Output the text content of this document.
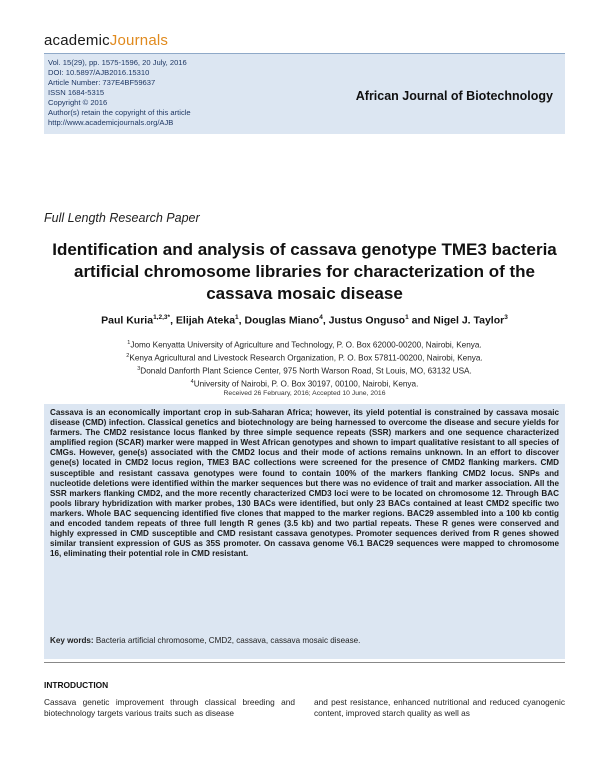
academicJournals
Vol. 15(29), pp. 1575-1596, 20 July, 2016
DOI: 10.5897/AJB2016.15310
Article Number: 737E4BF59637
ISSN 1684-5315
Copyright © 2016
Author(s) retain the copyright of this article
http://www.academicjournals.org/AJB
African Journal of Biotechnology
Full Length Research Paper
Identification and analysis of cassava genotype TME3 bacteria artificial chromosome libraries for characterization of the cassava mosaic disease
Paul Kuria$^{1,2,3*}$, Elijah Ateka$^1$, Douglas Miano$^4$, Justus Onguso$^1$ and Nigel J. Taylor$^3$
$^1$Jomo Kenyatta University of Agriculture and Technology, P. O. Box 62000-00200, Nairobi, Kenya.
$^2$Kenya Agricultural and Livestock Research Organization, P. O. Box 57811-00200, Nairobi, Kenya.
$^3$Donald Danforth Plant Science Center, 975 North Warson Road, St Louis, MO, 63132 USA.
$^4$University of Nairobi, P. O. Box 30197, 00100, Nairobi, Kenya.
Received 26 February, 2016; Accepted 10 June, 2016

Cassava is an economically important crop in sub-Saharan Africa; however, its yield potential is constrained by cassava mosaic disease (CMD) infection. Classical genetics and biotechnology are being harnessed to overcome the disease and secure yields for farmers. The CMD2 resistance locus flanked by three simple sequence repeats (SSR) markers and one sequence characterized amplified region (SCAR) marker were mapped in West African genotypes and shown to impart qualitative resistant to all species of CMGs. However, gene(s) associated with the CMD2 locus and their mode of actions remains unknown. In an effort to discover gene(s) located in CMD2 locus region, TME3 BAC collections were screened for the presence of CMD2 flanking markers. CMD susceptible and resistant cassava genotypes were found to contain 100% of the markers flanking CMD2 locus. SNPs and nucleotide deletions were identified within the marker sequences but there was no evidence of trait and marker association. All the SSR markers flanking CMD2, and the more recently characterized CMD3 loci were to be located on chromosome 12. Through BAC pools library hybridization with marker probes, 130 BACs were identified, but only 23 BACs contained at least CMD2 specific two markers. Whole BAC sequencing identified five clones that mapped to the marker regions. BAC29 assembled into a 100 kb contig and encoded tandem repeats of three full length R genes (3.5 kb) and two partial repeats. These R genes were conserved and highly expressed in CMD susceptible and CMD resistant cassava genotypes. Promoter sequences derived from R genes showed similar transient expression of GUS as 35S promoter. On cassava genome V6.1 BAC29 sequences were mapped to chromosome 16, eliminating their potential role in CMD resistant.

Key words: Bacteria artificial chromosome, CMD2, cassava, cassava mosaic disease.
INTRODUCTION
Cassava genetic improvement through classical breeding and biotechnology targets various traits such as disease
and pest resistance, enhanced nutritional and reduced cyanogenic content, improved starch quality as well as
